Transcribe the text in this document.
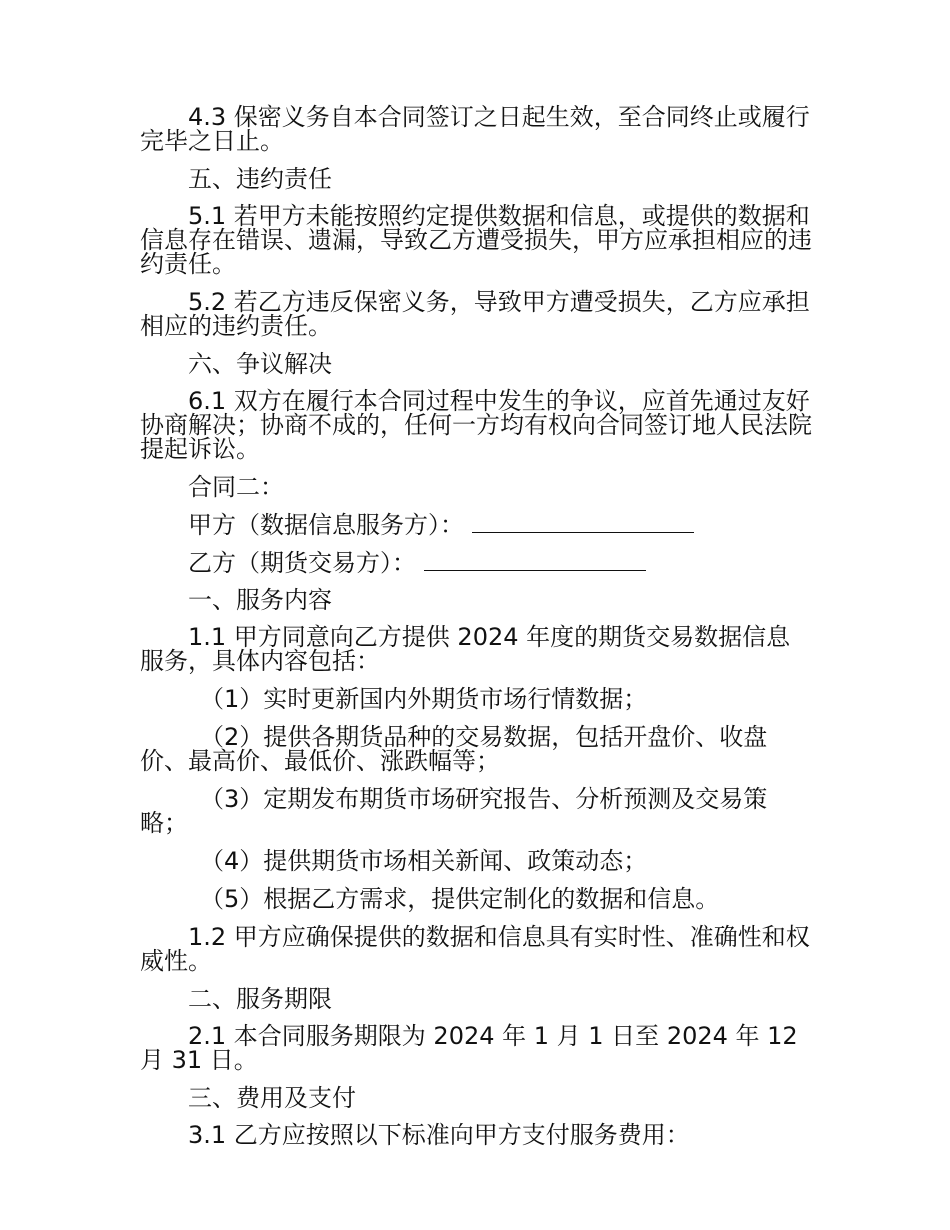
4.3 保密义务自本合同签订之日起生效，至合同终止或履行完毕之日止。

五、违约责任

5.1 若甲方未能按照约定提供数据和信息，或提供的数据和信息存在错误、遗漏，导致乙方遭受损失，甲方应承担相应的违约责任。

5.2 若乙方违反保密义务，导致甲方遭受损失，乙方应承担相应的违约责任。

六、争议解决

6.1 双方在履行本合同过程中发生的争议，应首先通过友好协商解决；协商不成的，任何一方均有权向合同签订地人民法院提起诉讼。

合同二：

甲方（数据信息服务方）：

乙方（期货交易方）：

一、服务内容

1.1 甲方同意向乙方提供 2024 年度的期货交易数据信息服务，具体内容包括：

（1）实时更新国内外期货市场行情数据；

（2）提供各期货品种的交易数据，包括开盘价、收盘价、最高价、最低价、涨跌幅等；

（3）定期发布期货市场研究报告、分析预测及交易策略；

（4）提供期货市场相关新闻、政策动态；

（5）根据乙方需求，提供定制化的数据和信息。

1.2 甲方应确保提供的数据和信息具有实时性、准确性和权威性。

二、服务期限

2.1 本合同服务期限为 2024 年 1 月 1 日至 2024 年 12 月 31 日。

三、费用及支付

3.1 乙方应按照以下标准向甲方支付服务费用：
